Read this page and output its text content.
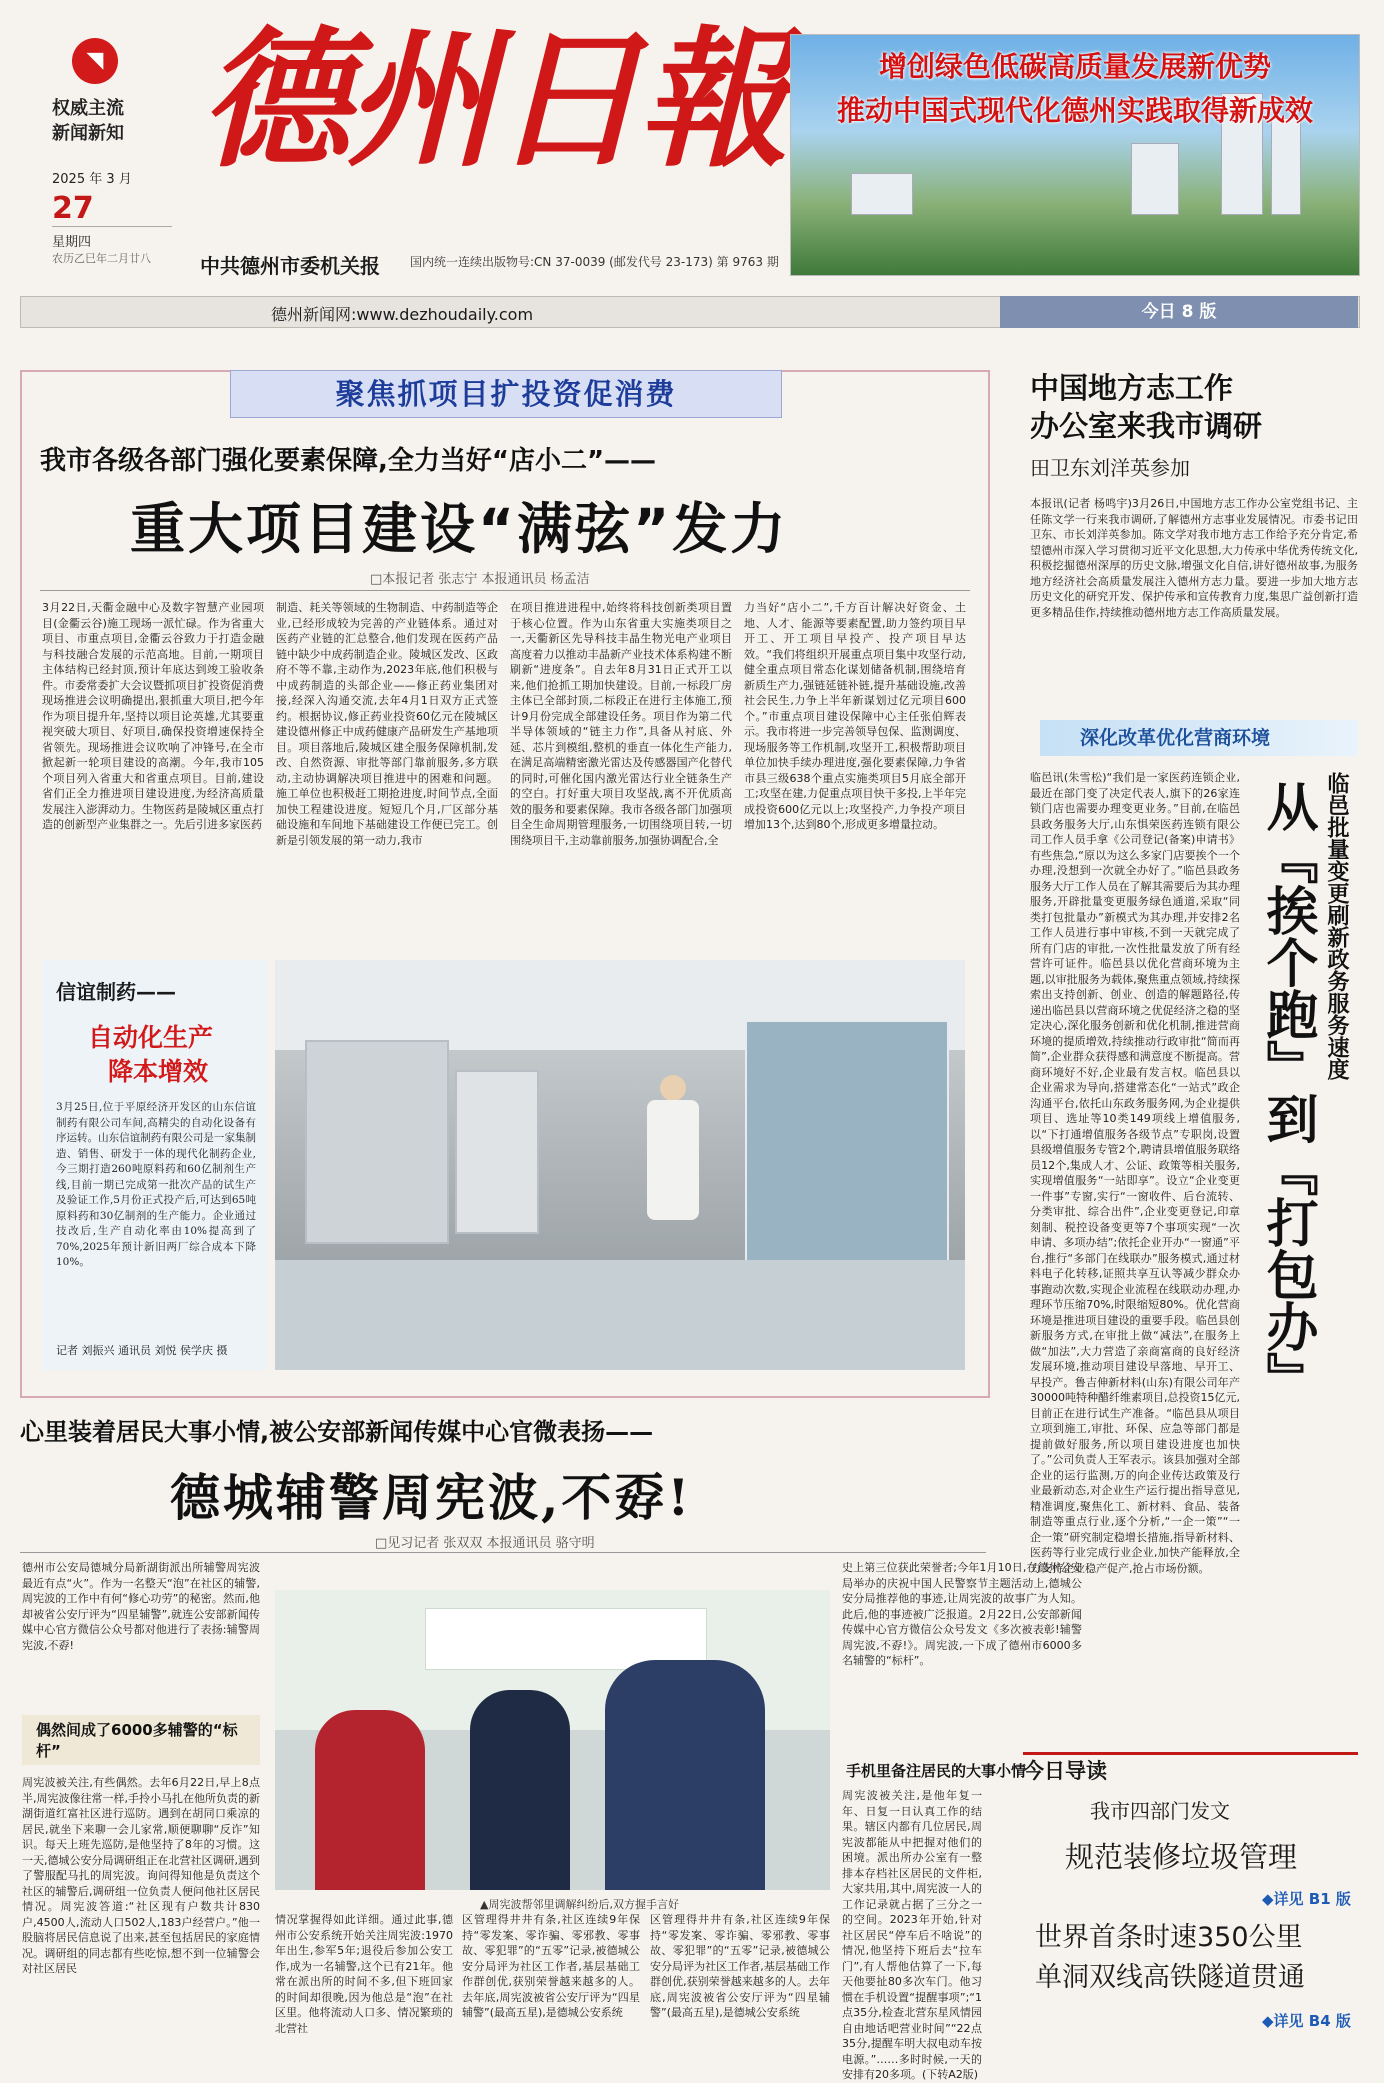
◥
权威主流
新闻新知
2025 年 3 月
27
星期四
农历乙巳年二月廿八
德州日報	增创绿色低碳高质量发展新优势
推动中国式现代化德州实践取得新成效
中共德州市委机关报	国内统一连续出版物号:CN 37-0039 (邮发代号 23-173) 第 9763 期
德州新闻网:www.dezhoudaily.com	今日 8 版
聚焦抓项目扩投资促消费
我市各级各部门强化要素保障,全力当好“店小二”——
重大项目建设“满弦”发力
□本报记者 张志宁 本报通讯员 杨孟洁
3月22日,天衢金融中心及数字智慧产业园项目(金衢云谷)施工现场一派忙碌。作为省重大项目、市重点项目,金衢云谷致力于打造金融与科技融合发展的示范高地。目前,一期项目主体结构已经封顶,预计年底达到竣工验收条件。市委常委扩大会议暨抓项目扩投资促消费现场推进会议明确提出,狠抓重大项目,把今年作为项目提升年,坚持以项目论英雄,尤其要重视突破大项目、好项目,确保投资增速保持全省领先。现场推进会议吹响了冲锋号,在全市掀起新一轮项目建设的高潮。今年,我市105个项目列入省重大和省重点项目。目前,建设省们正全力推进项目建设进度,为经济高质量发展注入澎湃动力。生物医药是陵城区重点打造的创新型产业集群之一。先后引进多家医药
制造、耗关等领域的生物制造、中药制造等企业,已经形成较为完善的产业链体系。通过对医药产业链的汇总整合,他们发现在医药产品链中缺少中成药制造企业。陵城区发改、区政府不等不靠,主动作为,2023年底,他们积极与中成药制造的头部企业——修正药业集团对接,经深入沟通交流,去年4月1日双方正式签约。根据协议,修正药业投资60亿元在陵城区建设德州修正中成药健康产品研发生产基地项目。项目落地后,陵城区建全服务保障机制,发改、自然资源、审批等部门靠前服务,多方联动,主动协调解决项目推进中的困难和问题。施工单位也积极赶工期抢进度,时间节点,全面加快工程建设进度。短短几个月,厂区部分基础设施和车间地下基础建设工作便已完工。创新是引领发展的第一动力,我市
在项目推进进程中,始终将科技创新类项目置于核心位置。作为山东省重大实施类项目之一,天衢新区先导科技丰晶生物光电产业项目高度着力以推动丰晶新产业技术体系构建不断刷新“进度条”。自去年8月31日正式开工以来,他们抢抓工期加快建设。目前,一标段厂房主体已全部封顶,二标段正在进行主体施工,预计9月份完成全部建设任务。项目作为第二代半导体领域的“链主力作”,具备从衬底、外延、芯片到模组,整机的垂直一体化生产能力,在满足高端精密激光雷达及传感器国产化替代的同时,可催化国内激光雷达行业全链条生产的空白。打好重大项目攻坚战,离不开优质高效的服务和要素保障。我市各级各部门加强项目全生命周期管理服务,一切围绕项目转,一切围绕项目干,主动靠前服务,加强协调配合,全
力当好“店小二”,千方百计解决好资金、土地、人才、能源等要素配置,助力签约项目早开工、开工项目早投产、投产项目早达效。“我们将组织开展重点项目集中攻坚行动,健全重点项目常态化谋划储备机制,围绕培育新质生产力,强链延链补链,提升基础设施,改善社会民生,力争上半年新谋划过亿元项目600个。”市重点项目建设保障中心主任张伯辉表示。我市将进一步完善领导包保、监测调度、现场服务等工作机制,攻坚开工,积极帮助项目单位加快手续办理进度,强化要素保障,力争省市县三级638个重点实施类项目5月底全部开工;攻坚在建,力促重点项目快干多投,上半年完成投资600亿元以上;攻坚投产,力争投产项目增加13个,达到80个,形成更多增量拉动。
信谊制药——
自动化生产
降本增效
3月25日,位于平原经济开发区的山东信谊制药有限公司车间,高精尖的自动化设备有序运转。山东信谊制药有限公司是一家集制造、销售、研发于一体的现代化制药企业,今三期打造260吨原料药和60亿制剂生产线,目前一期已完成第一批次产品的试生产及验证工作,5月份正式投产后,可达到65吨原料药和30亿制剂的生产能力。企业通过技改后,生产自动化率由10%提高到了70%,2025年预计新旧两厂综合成本下降10%。
记者 刘振兴 通讯员 刘悦 侯学庆 摄
心里装着居民大事小情,被公安部新闻传媒中心官微表扬——
德城辅警周宪波,不孬!
□见习记者 张双双 本报通讯员 骆守明
德州市公安局德城分局新湖街派出所辅警周宪波最近有点“火”。作为一名整天“泡”在社区的辅警,周宪波的工作中有何“修心功劳”的秘密。然而,他却被省公安厅评为“四星辅警”,就连公安部新闻传媒中心官方微信公众号都对他进行了表扬:辅警周宪波,不孬!
偶然间成了6000多辅警的“标杆”
周宪波被关注,有些偶然。去年6月22日,早上8点半,周宪波像往常一样,手拎小马扎在他所负责的新湖街道红富社区进行巡防。遇到在胡同口乘凉的居民,就坐下来聊一会儿家常,顺便聊聊“反诈”知识。每天上班先巡防,是他坚持了8年的习惯。这一天,德城公安分局调研组正在北营社区调研,遇到了警服配马扎的周宪波。询问得知他是负责这个社区的辅警后,调研组一位负责人便问他社区居民情况。周宪波答道:“社区现有户数共计830户,4500人,流动人口502人,183户经营户。”他一股脑将居民信息说了出来,甚至包括居民的家庭情况。调研组的同志都有些吃惊,想不到一位辅警会对社区居民
▲周宪波帮邻里调解纠纷后,双方握手言好
情况掌握得如此详细。通过此事,德州市公安系统开始关注周宪波:1970年出生,参军5年;退役后参加公安工作,成为一名辅警,这个已有21年。他常在派出所的时间不多,但下班回家的时间却很晚,因为他总是“泡”在社区里。他将流动人口多、情况繁琐的北营社
区管理得井井有条,社区连续9年保持“零发案、零诈骗、零邪教、零事故、零犯罪”的“五零”记录,被德城公安分局评为社区工作者,基层基础工作群创优,获别荣誉越来越多的人。去年底,周宪波被省公安厅评为“四星辅警”(最高五星),是德城公安系统
区管理得井井有条,社区连续9年保持“零发案、零诈骗、零邪教、零事故、零犯罪”的“五零”记录,被德城公安分局评为社区工作者,基层基础工作群创优,获别荣誉越来越多的人。去年底,周宪波被省公安厅评为“四星辅警”(最高五星),是德城公安系统
史上第三位获此荣誉者;今年1月10日,在德州公安局举办的庆祝中国人民警察节主题活动上,德城公安分局推荐他的事迹,让周宪波的故事广为人知。此后,他的事迹被广泛报道。2月22日,公安部新闻传媒中心官方微信公众号发文《多次被表彰!辅警周宪波,不孬!》。周宪波,一下成了德州市6000多名辅警的“标杆”。
手机里备注居民的大事小情
周宪波被关注,是他年复一年、日复一日认真工作的结果。辖区内都有几位居民,周宪波都能从中把握对他们的困境。派出所办公室有一整排本存档社区居民的文件柜,大家共用,其中,周宪波一人的工作记录就占据了三分之一的空间。2023年开始,针对社区居民“停车后不啥说”的情况,他坚持下班后去“拉车门”,有人帮他估算了一下,每天他要扯80多次车门。他习惯在手机设置“提醒事项”;“1点35分,检查北营东星风情园自由地话吧营业时间”“22点35分,提醒车明大叔电动车按电源。”……多时时候,一天的安排有20多项。(下转A2版)
中国地方志工作
办公室来我市调研
田卫东刘洋英参加
本报讯(记者 杨鸣宇)3月26日,中国地方志工作办公室党组书记、主任陈文学一行来我市调研,了解德州方志事业发展情况。市委书记田卫东、市长刘洋英参加。陈文学对我市地方志工作给予充分肯定,希望德州市深入学习贯彻习近平文化思想,大力传承中华优秀传统文化,积极挖掘德州深厚的历史文脉,增强文化自信,讲好德州故事,为服务地方经济社会高质量发展注入德州方志力量。要进一步加大地方志历史文化的研究开发、保护传承和宣传教育力度,集思广益创新打造更多精品佳作,持续推动德州地方志工作高质量发展。
深化改革优化营商环境
临邑批量变更刷新政务服务速度
从『挨个跑』到『打包办』
临邑讯(朱雪松)“我们是一家医药连锁企业,最近在部门变了决定代表人,旗下的26家连锁门店也需要办理变更业务。”目前,在临邑县政务服务大厅,山东惧荣医药连锁有限公司工作人员手拿《公司登记(备案)申请书》有些焦急,“原以为这么多家门店要挨个一个办理,没想到一次就全办好了。”临邑县政务服务大厅工作人员在了解其需要后为其办理服务,开辟批量变更服务绿色通道,采取“同类打包批量办”新模式为其办理,并安排2名工作人员进行事中审核,不到一天就完成了所有门店的审批,一次性批量发放了所有经营许可证件。临邑县以优化营商环境为主题,以审批服务为载体,聚焦重点领域,持续探索出支持创新、创业、创造的解题路径,传递出临邑县以营商环境之优促经济之稳的坚定决心,深化服务创新和优化机制,推进营商环境的提质增效,持续推动行政审批“简而再简”,企业群众获得感和满意度不断提高。营商环境好不好,企业最有发言权。临邑县以企业需求为导向,搭建常态化“一站式”政企沟通平台,依托山东政务服务网,为企业提供项目、选址等10类149项线上增值服务,以“下打通增值服务各级节点”专职岗,设置县级增值服务专管2个,聘请县增值服务联络员12个,集成人才、公证、政策等相关服务,实现增值服务“一站即享”。设立“企业变更一件事”专窗,实行“一窗收件、后台流转、分类审批、综合出件”,企业变更登记,印章刻制、税控设备变更等7个事项实现“一次申请、多项办结”;依托企业开办“一窗通”平台,推行“多部门在线联办”服务模式,通过材料电子化转移,证照共享互认等减少群众办事跑动次数,实现企业流程在线联动办理,办理环节压缩70%,时限缩短80%。优化营商环境是推进项目建设的重要手段。临邑县创新服务方式,在审批上做“减法”,在服务上做“加法”,大力营造了亲商富商的良好经济发展环境,推动项目建设早落地、早开工、早投产。鲁吉伸新材料(山东)有限公司年产30000吨特种醋纤维素项目,总投资15亿元,目前正在进行试生产准备。“临邑县从项目立项到施工,审批、环保、应急等部门都是提前做好服务,所以项目建设进度也加快了。”公司负责人王军表示。该县加强对全部企业的运行监测,万的向企业传达政策及行业最新动态,对企业生产运行提出指导意见,精准调度,聚焦化工、新材料、食品、装备制造等重点行业,逐个分析,“一企一策”“一企一策”研究制定稳增长措施,指导新材料、医药等行业完成行业企业,加快产能释放,全力支持企业稳产促产,抢占市场份额。
今日导读
我市四部门发文
规范装修垃圾管理
◆详见 B1 版
世界首条时速350公里
单洞双线高铁隧道贯通
◆详见 B4 版
